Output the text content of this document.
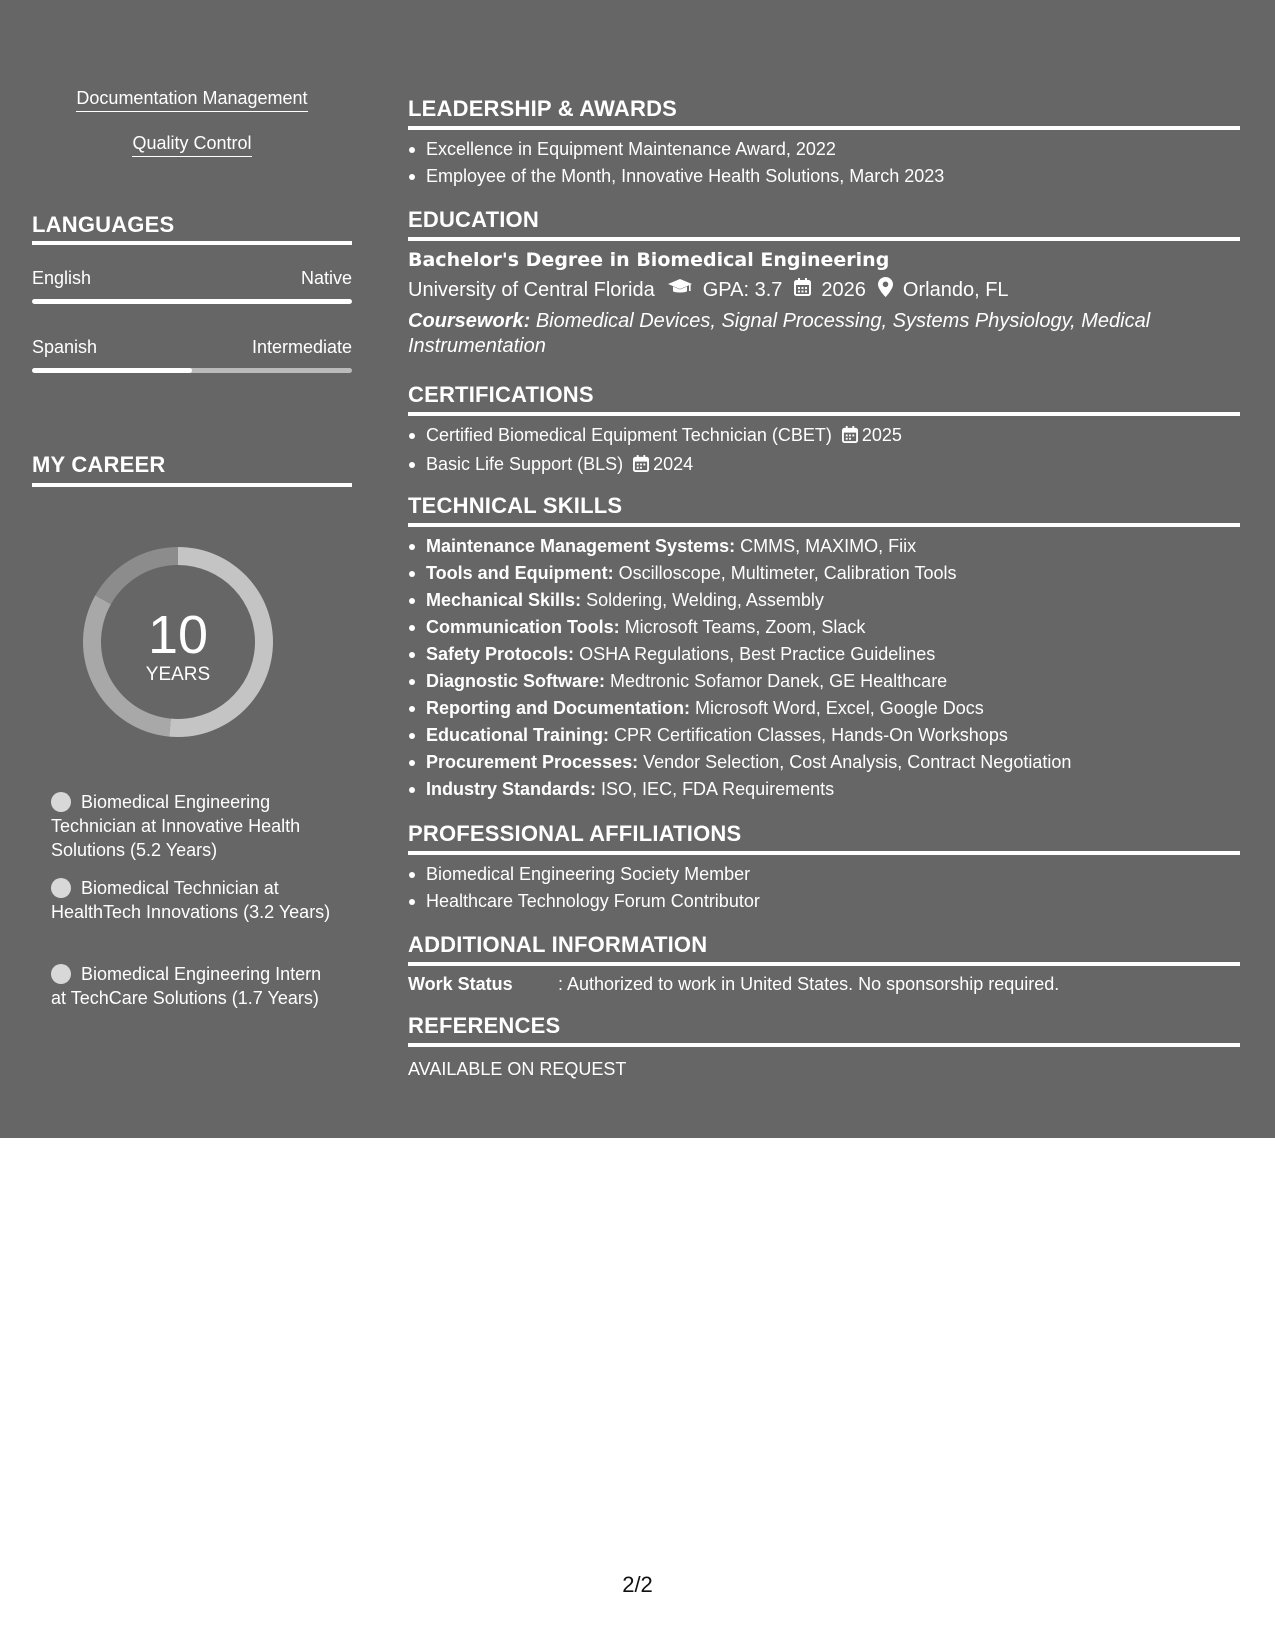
Documentation Management
Quality Control
LANGUAGES
English	Native
Spanish	Intermediate
MY CAREER
10
YEARS
Biomedical Engineering Technician at Innovative Health Solutions (5.2 Years)
Biomedical Technician at HealthTech Innovations (3.2 Years)
Biomedical Engineering Intern at TechCare Solutions (1.7 Years)
LEADERSHIP & AWARDS
Excellence in Equipment Maintenance Award, 2022
Employee of the Month, Innovative Health Solutions, March 2023
EDUCATION
Bachelor's Degree in Biomedical Engineering
University of Central Florida GPA: 3.7 2026 Orlando, FL
Coursework: Biomedical Devices, Signal Processing, Systems Physiology, Medical Instrumentation
CERTIFICATIONS
Certified Biomedical Equipment Technician (CBET) 2025
Basic Life Support (BLS) 2024
TECHNICAL SKILLS
Maintenance Management Systems: CMMS, MAXIMO, Fiix
Tools and Equipment: Oscilloscope, Multimeter, Calibration Tools
Mechanical Skills: Soldering, Welding, Assembly
Communication Tools: Microsoft Teams, Zoom, Slack
Safety Protocols: OSHA Regulations, Best Practice Guidelines
Diagnostic Software: Medtronic Sofamor Danek, GE Healthcare
Reporting and Documentation: Microsoft Word, Excel, Google Docs
Educational Training: CPR Certification Classes, Hands-On Workshops
Procurement Processes: Vendor Selection, Cost Analysis, Contract Negotiation
Industry Standards: ISO, IEC, FDA Requirements
PROFESSIONAL AFFILIATIONS
Biomedical Engineering Society Member
Healthcare Technology Forum Contributor
ADDITIONAL INFORMATION
Work Status	: Authorized to work in United States. No sponsorship required.
REFERENCES
AVAILABLE ON REQUEST
2/2
